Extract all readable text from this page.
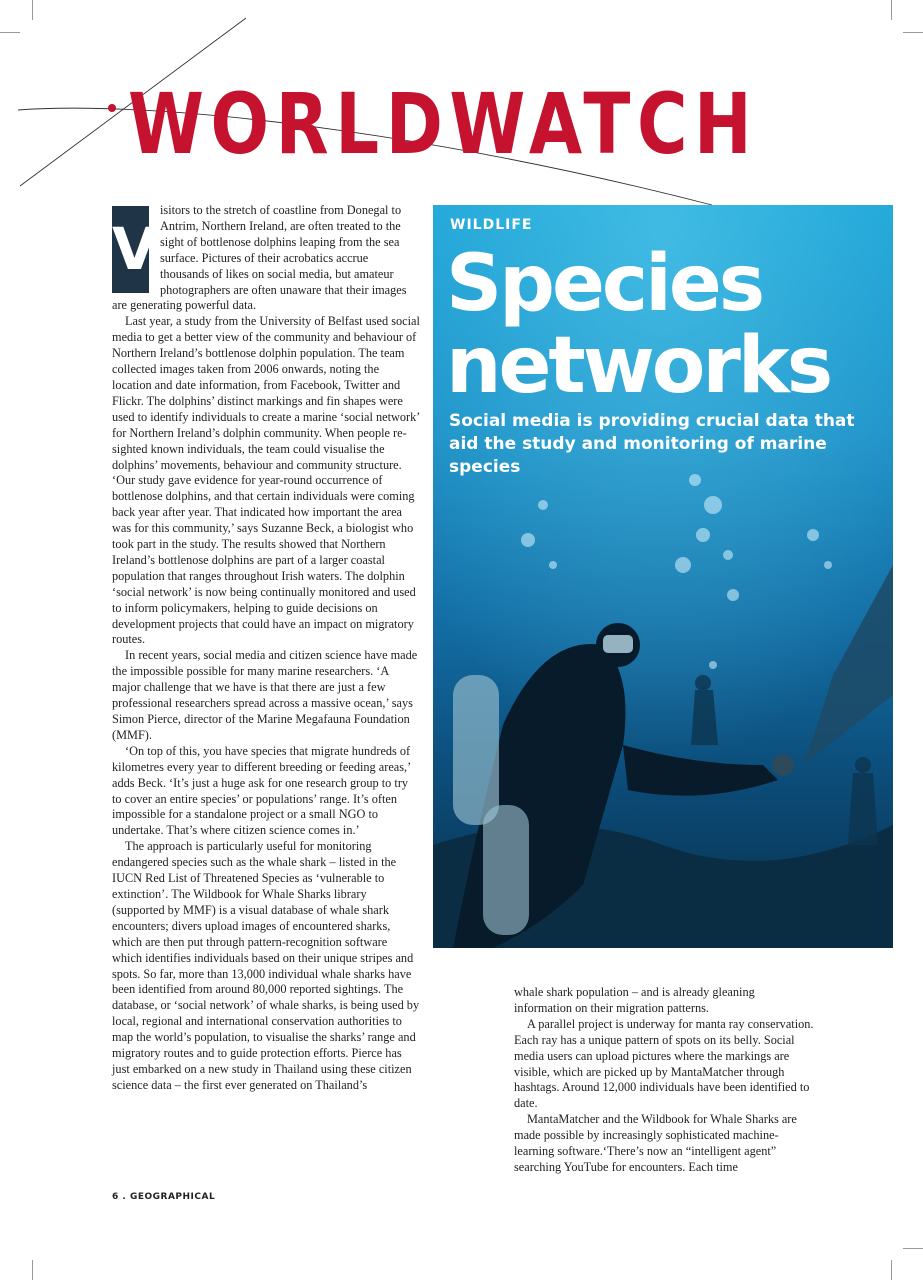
WORLDWATCH

V
isitors to the stretch of coastline from Donegal to Antrim, Northern Ireland, are often treated to the sight of bottlenose dolphins leaping from the sea surface. Pictures of their acrobatics accrue thousands of likes on social media, but amateur photographers are often unaware that their images are generating powerful data.

Last year, a study from the University of Belfast used social media to get a better view of the community and behaviour of Northern Ireland’s bottlenose dolphin population. The team collected images taken from 2006 onwards, noting the location and date information, from Facebook, Twitter and Flickr. The dolphins’ distinct markings and fin shapes were used to identify individuals to create a marine ‘social network’ for Northern Ireland’s dolphin community. When people re-sighted known individuals, the team could visualise the dolphins’ movements, behaviour and community structure. ‘Our study gave evidence for year-round occurrence of bottlenose dolphins, and that certain individuals were coming back year after year. That indicated how important the area was for this community,’ says Suzanne Beck, a biologist who took part in the study. The results showed that Northern Ireland’s bottlenose dolphins are part of a larger coastal population that ranges throughout Irish waters. The dolphin ‘social network’ is now being continually monitored and used to inform policymakers, helping to guide decisions on development projects that could have an impact on migratory routes.

In recent years, social media and citizen science have made the impossible possible for many marine researchers. ‘A major challenge that we have is that there are just a few professional researchers spread across a massive ocean,’ says Simon Pierce, director of the Marine Megafauna Foundation (MMF).

‘On top of this, you have species that migrate hundreds of kilometres every year to different breeding or feeding areas,’ adds Beck. ‘It’s just a huge ask for one research group to try to cover an entire species’ or populations’ range. It’s often impossible for a standalone project or a small NGO to undertake. That’s where citizen science comes in.’

The approach is particularly useful for monitoring endangered species such as the whale shark – listed in the IUCN Red List of Threatened Species as ‘vulnerable to extinction’. The Wildbook for Whale Sharks library (supported by MMF) is a visual database of whale shark encounters; divers upload images of encountered sharks, which are then put through pattern-recognition software which identifies individuals based on their unique stripes and spots. So far, more than 13,000 individual whale sharks have been identified from around 80,000 reported sightings. The database, or ‘social network’ of whale sharks, is being used by local, regional and international conservation authorities to map the world’s population, to visualise the sharks’ range and migratory routes and to guide protection efforts. Pierce has just embarked on a new study in Thailand using these citizen science data – the first ever generated on Thailand’s

WILDLIFE
Species
networks

Social media is providing crucial data that aid the study and monitoring of marine species

whale shark population – and is already gleaning information on their migration patterns.

A parallel project is underway for manta ray conservation. Each ray has a unique pattern of spots on its belly. Social media users can upload pictures where the markings are visible, which are picked up by MantaMatcher through hashtags. Around 12,000 individuals have been identified to date.

MantaMatcher and the Wildbook for Whale Sharks are made possible by increasingly sophisticated machine-learning software.‘There’s now an “intelligent agent” searching YouTube for encounters. Each time

6 . GEOGRAPHICAL
